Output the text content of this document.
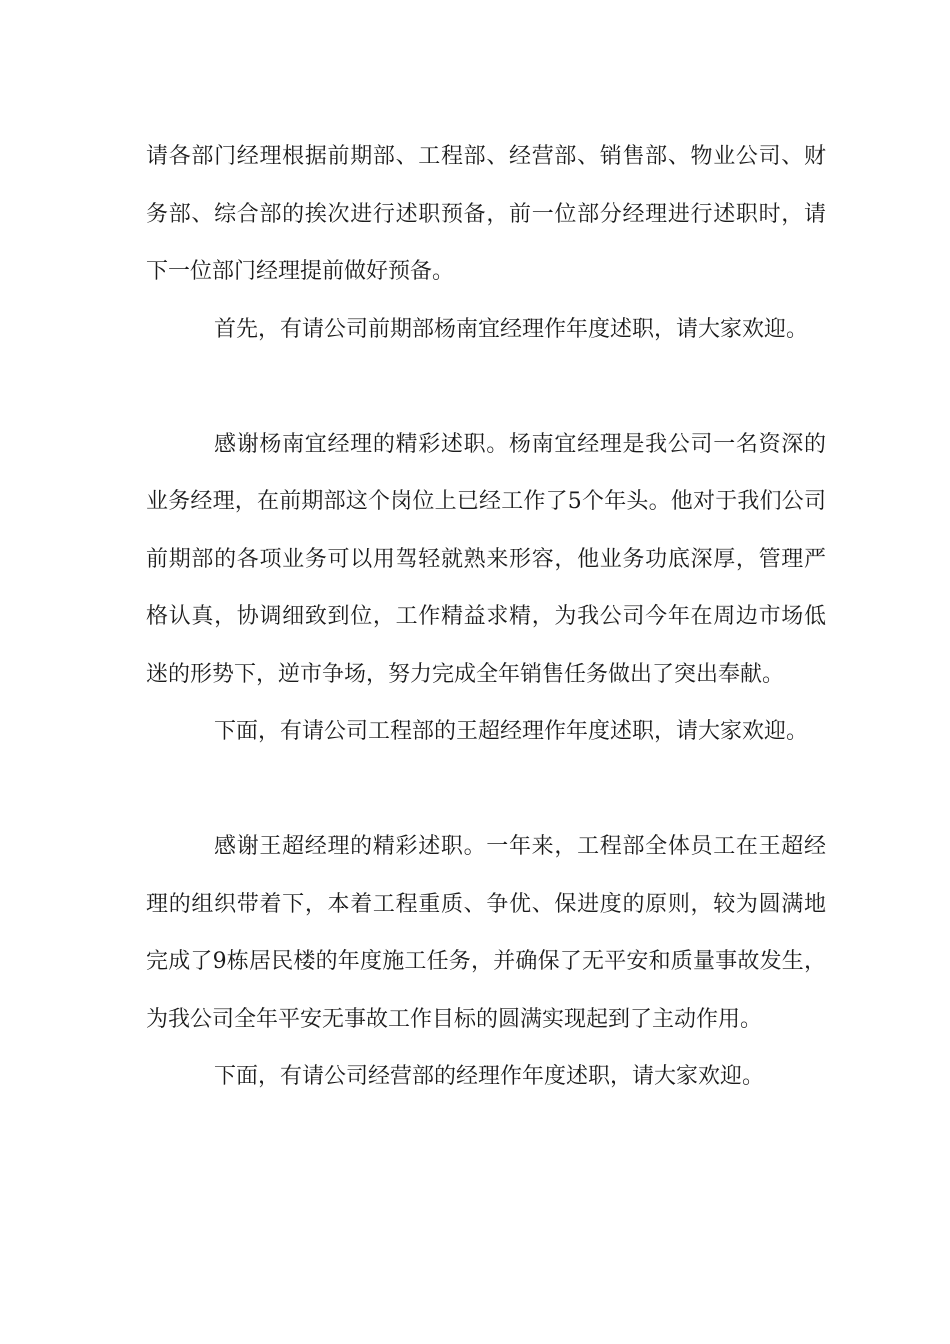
请各部门经理根据前期部、工程部、经营部、销售部、物业公司、财务部、综合部的挨次进行述职预备，前一位部分经理进行述职时，请下一位部门经理提前做好预备。

首先，有请公司前期部杨南宜经理作年度述职，请大家欢迎。

感谢杨南宜经理的精彩述职。杨南宜经理是我公司一名资深的业务经理，在前期部这个岗位上已经工作了5个年头。他对于我们公司前期部的各项业务可以用驾轻就熟来形容，他业务功底深厚，管理严格认真，协调细致到位，工作精益求精，为我公司今年在周边市场低迷的形势下，逆市争场，努力完成全年销售任务做出了突出奉献。

下面，有请公司工程部的王超经理作年度述职，请大家欢迎。

感谢王超经理的精彩述职。一年来，工程部全体员工在王超经理的组织带着下，本着工程重质、争优、保进度的原则，较为圆满地完成了9栋居民楼的年度施工任务，并确保了无平安和质量事故发生，为我公司全年平安无事故工作目标的圆满实现起到了主动作用。

下面，有请公司经营部的经理作年度述职，请大家欢迎。
